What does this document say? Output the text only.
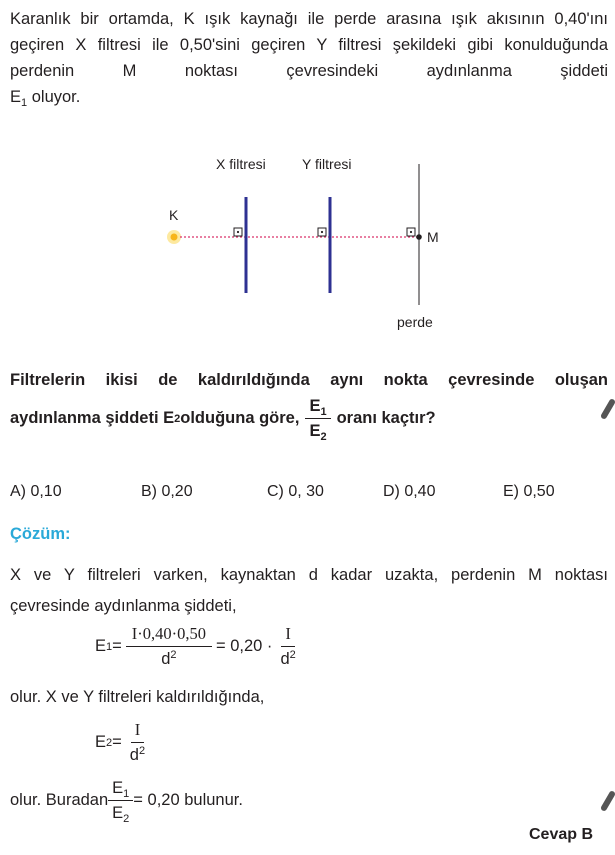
Karanlık bir ortamda, K ışık kaynağı ile perde arasına ışık akısının 0,40'ını geçiren X filtresi ile 0,50'sini geçiren Y filtresi şekildeki gibi konulduğunda perdenin M noktası çevresindeki aydınlanma şiddeti
$E_1$ oluyor.
X filtresi	Y filtresi
K
M
perde
Filtrelerin ikisi de kaldırıldığında aynı nokta çevresinde oluşan
aydınlanma şiddeti E 2 olduğuna göre, $\frac{E_1}{E_2}$ oranı kaçtır?
A) 0,10	B) 0,20	C) 0, 30	D) 0,40	E) 0,50
Çözüm:
X ve Y filtreleri varken, kaynaktan d kadar uzakta, perdenin M noktası
çevresinde aydınlanma şiddeti,
E $1 = \frac{I\cdot 0,40\cdot 0,50}{d^2} = 0,20 \cdot \frac{I}{d^2}$
olur. X ve Y filtreleri kaldırıldığında,
E $2 = \frac{I}{d^2}$
olur. Buradan $\frac{E_1}{E_2} = 0,20$ bulunur.
Cevap B
